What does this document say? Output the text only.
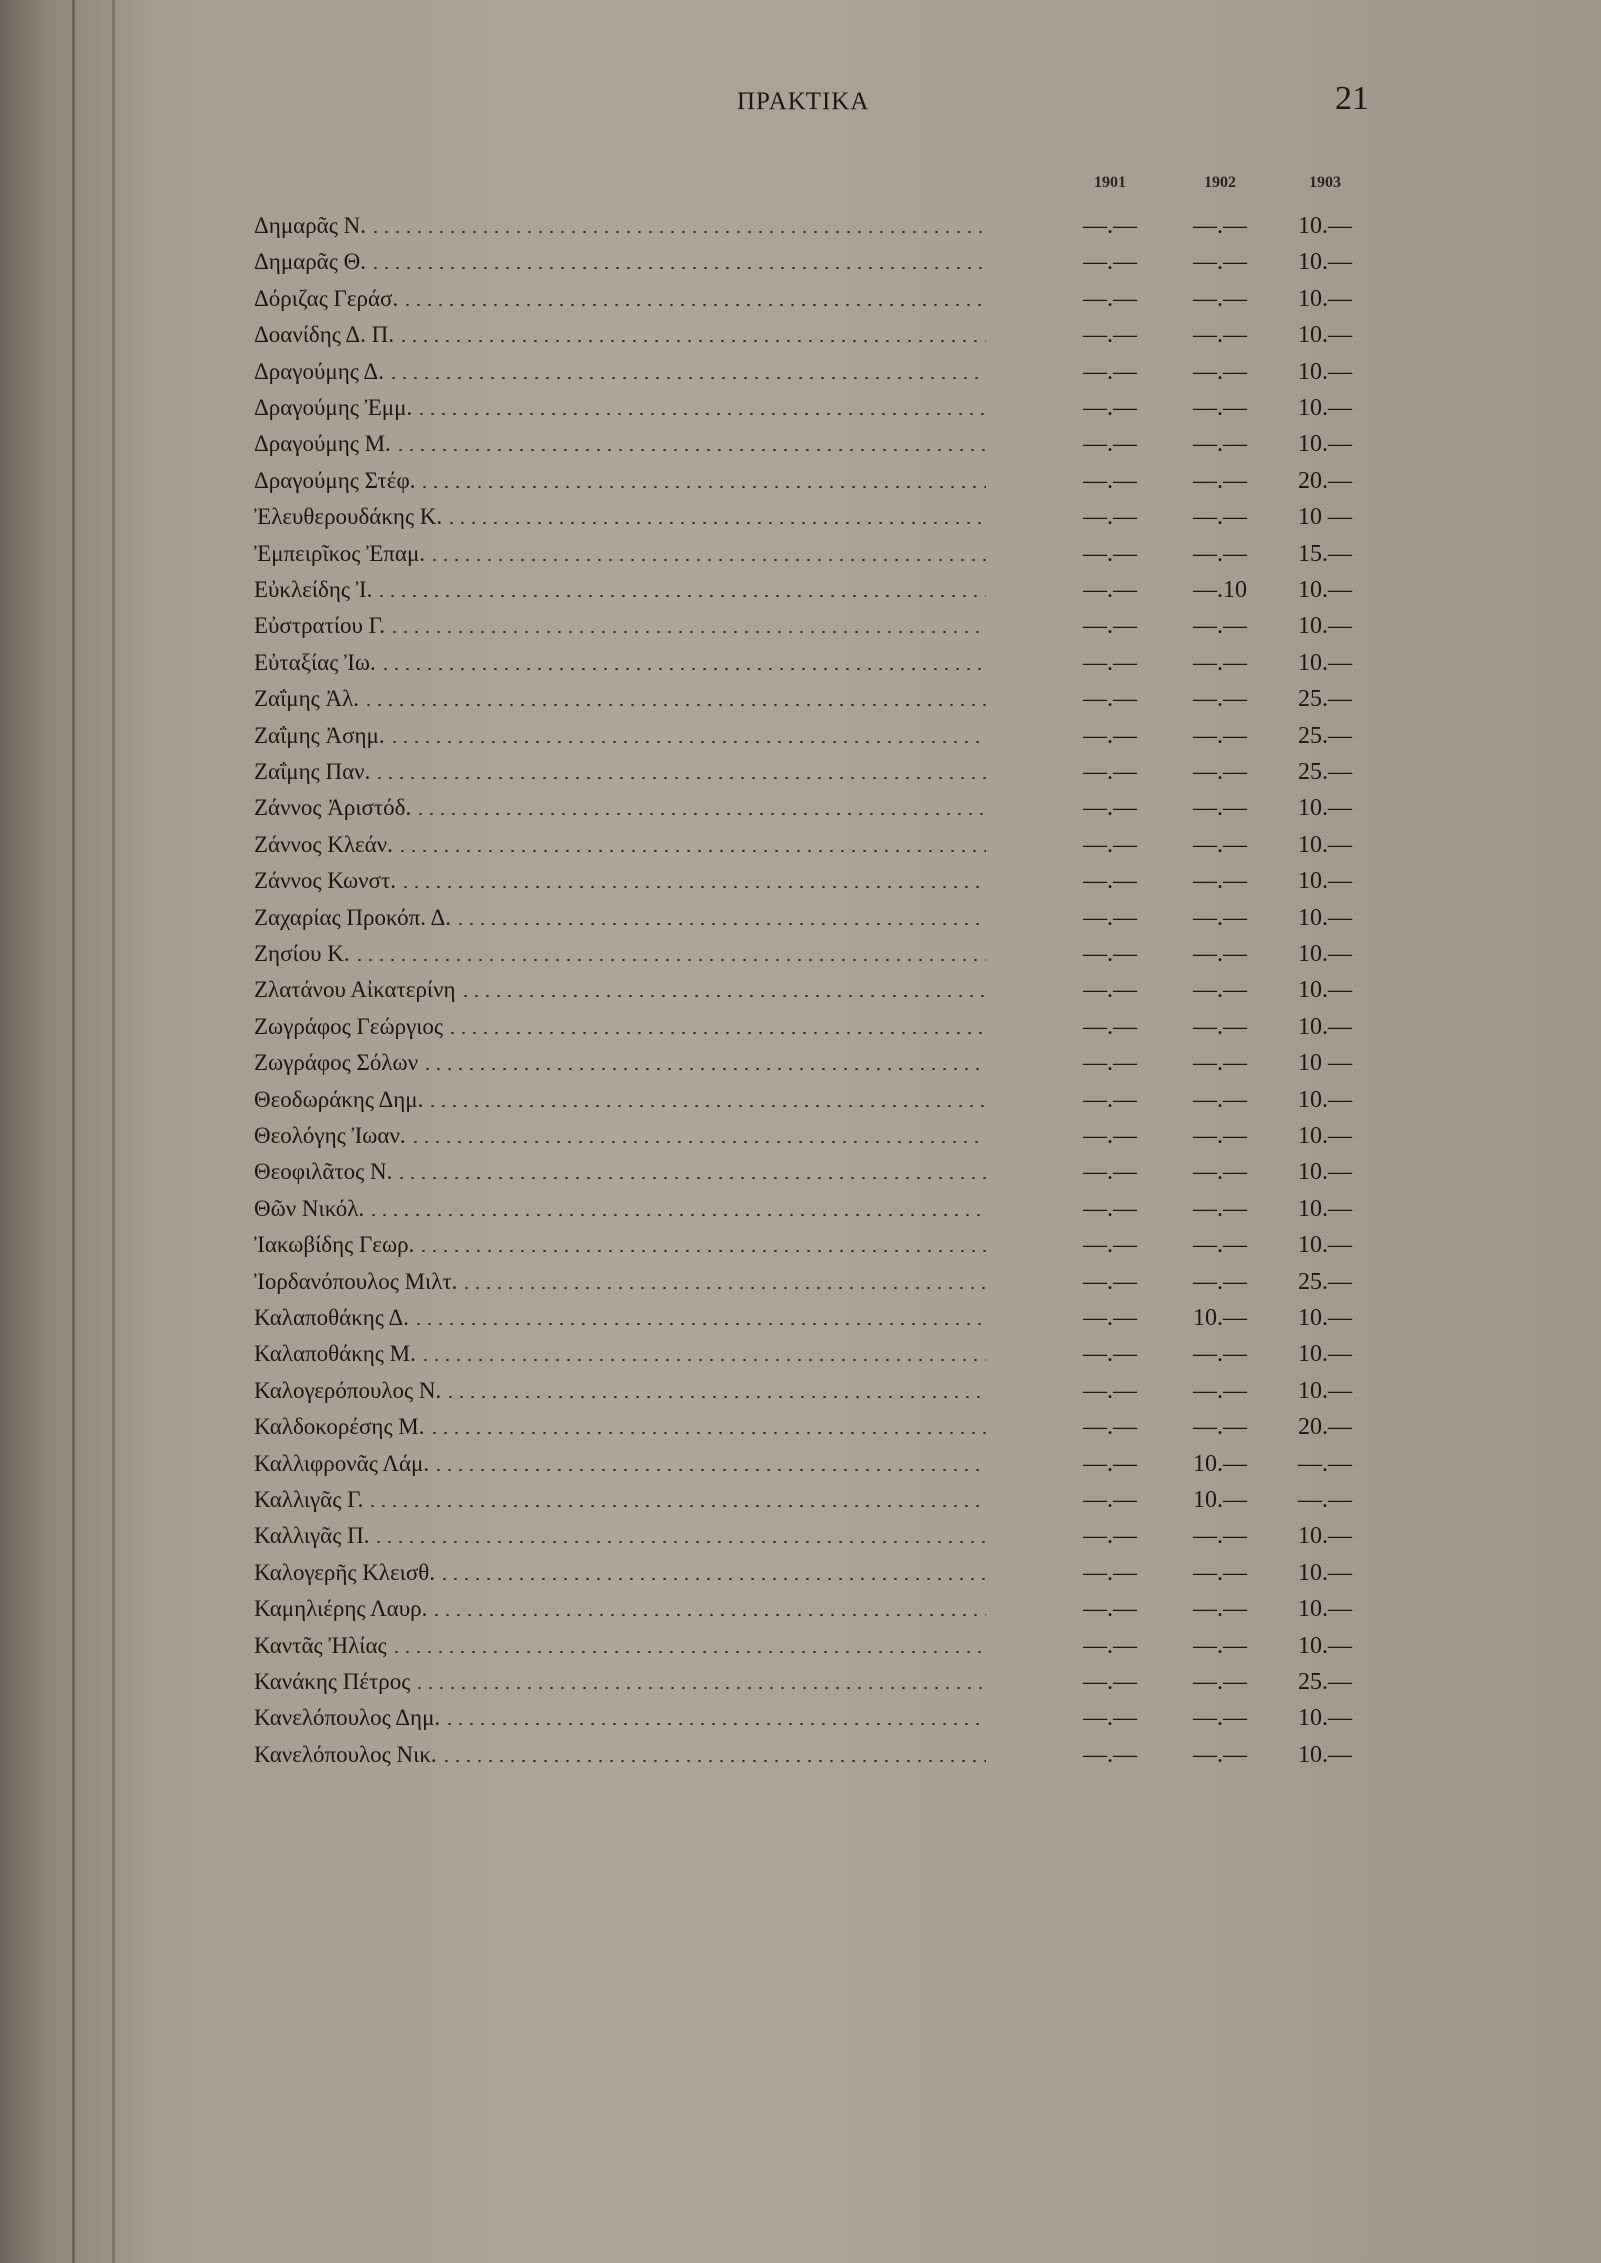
ΠΡΑΚΤΙΚΑ	21
1901	1902	1903
Δημαρᾶς Ν.	—.—	—.—	10.—
Δημαρᾶς Θ.	—.—	—.—	10.—
Δόριζας Γεράσ.	—.—	—.—	10.—
Δοανίδης Δ. Π.	—.—	—.—	10.—
Δραγούμης Δ.	—.—	—.—	10.—
Δραγούμης Ἐμμ.	—.—	—.—	10.—
Δραγούμης Μ.	—.—	—.—	10.—
Δραγούμης Στέφ.	—.—	—.—	20.—
Ἐλευθερουδάκης Κ.	—.—	—.—	10 —
Ἐμπειρῖκος Ἐπαμ.	—.—	—.—	15.—
Εὐκλείδης Ἰ.	—.—	—.10	10.—
Εὐστρατίου Γ.	—.—	—.—	10.—
Εὐταξίας Ἰω.	—.—	—.—	10.—
Ζαΐμης Ἀλ.	—.—	—.—	25.—
Ζαΐμης Ἀσημ.	—.—	—.—	25.—
Ζαΐμης Παν.	—.—	—.—	25.—
Ζάννος Ἀριστόδ.	—.—	—.—	10.—
Ζάννος Κλεάν.	—.—	—.—	10.—
Ζάννος Κωνστ.	—.—	—.—	10.—
Ζαχαρίας Προκόπ. Δ.	—.—	—.—	10.—
Ζησίου Κ.	—.—	—.—	10.—
Ζλατάνου Αἰκατερίνη	—.—	—.—	10.—
Ζωγράφος Γεώργιος	—.—	—.—	10.—
Ζωγράφος Σόλων	—.—	—.—	10 —
Θεοδωράκης Δημ.	—.—	—.—	10.—
Θεολόγης Ἰωαν.	—.—	—.—	10.—
Θεοφιλᾶτος Ν.	—.—	—.—	10.—
Θῶν Νικόλ.	—.—	—.—	10.—
Ἰακωβίδης Γεωρ.	—.—	—.—	10.—
Ἰορδανόπουλος Μιλτ.	—.—	—.—	25.—
Καλαποθάκης Δ.	—.—	10.—	10.—
Καλαποθάκης Μ.	—.—	—.—	10.—
Καλογερόπουλος Ν.	—.—	—.—	10.—
Καλδοκορέσης Μ.	—.—	—.—	20.—
Καλλιφρονᾶς Λάμ.	—.—	10.—	—.—
Καλλιγᾶς Γ.	—.—	10.—	—.—
Καλλιγᾶς Π.	—.—	—.—	10.—
Καλογερῆς Κλεισθ.	—.—	—.—	10.—
Καμηλιέρης Λαυρ.	—.—	—.—	10.—
Καντᾶς Ἠλίας	—.—	—.—	10.—
Κανάκης Πέτρος	—.—	—.—	25.—
Κανελόπουλος Δημ.	—.—	—.—	10.—
Κανελόπουλος Νικ.	—.—	—.—	10.—
